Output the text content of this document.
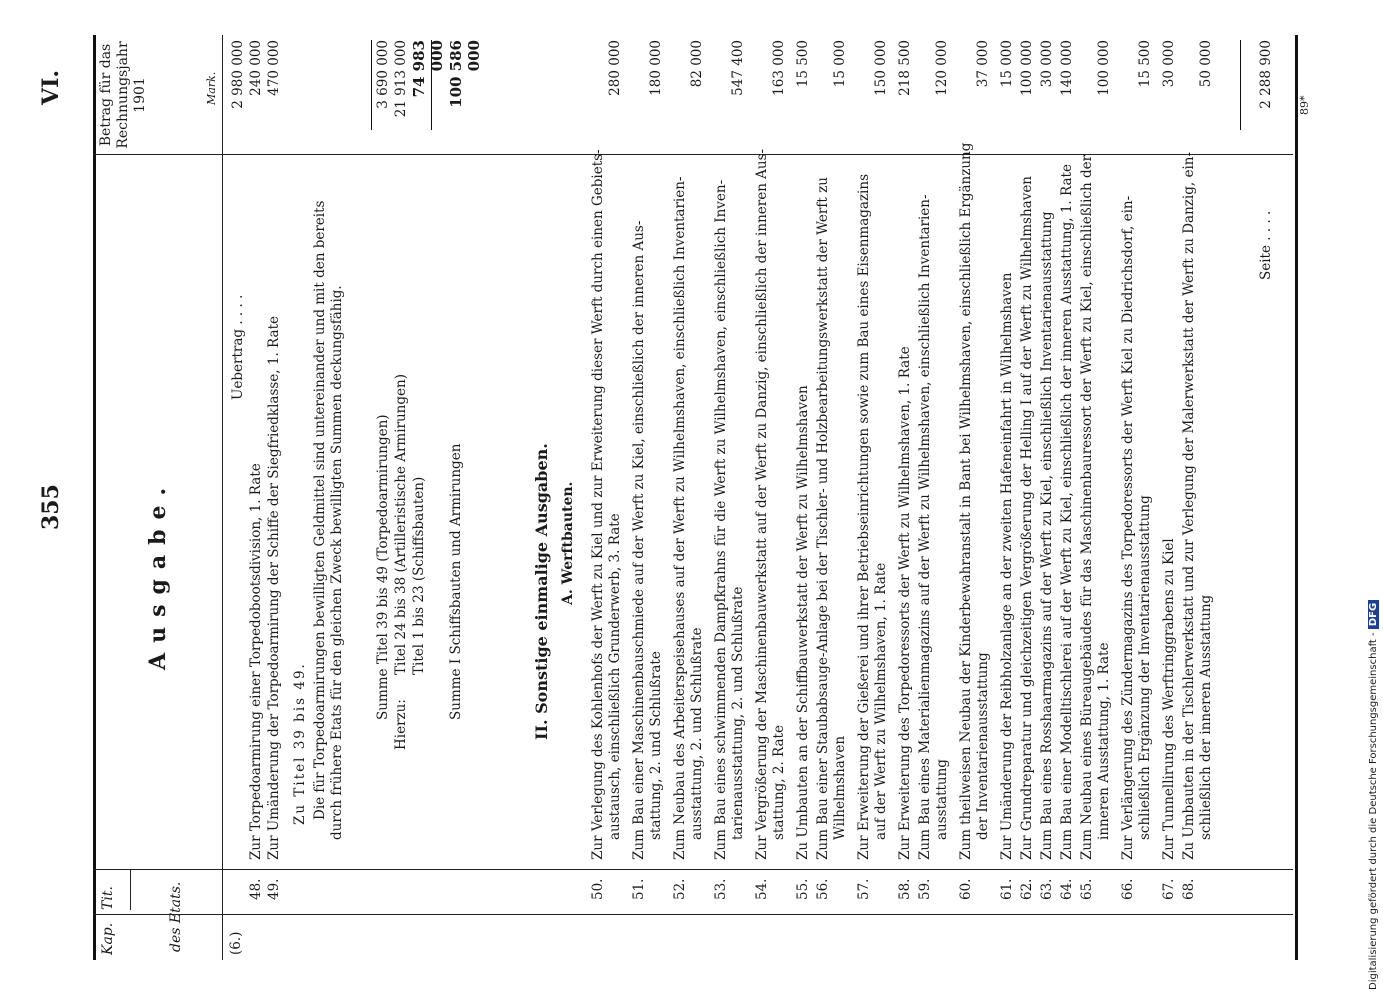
355
VI.
Kap.
Tit.	des Etats.
Betrag für das Rechnungsjahr 1901	Mark.
Ausgabe.
(6.)
Uebertrag . . . .
2 980 000
48.
Zur Torpedoarmirung einer Torpedobootsdivision, 1. Rate
240 000
49.
Zur Umänderung der Torpedoarmirung der Schiffe der Siegfriedklasse, 1. Rate
470 000
Zu Titel 39 bis 49. Die für Torpedoarmirungen bewilligten Geldmittel sind untereinander und mit den bereits durch frühere Etats für den gleichen Zweck bewilligten Summen deckungsfähig. Summe Titel 39 bis 49 (Torpedoarmirungen)
3 690 000
Hierzu:
Titel 24 bis 38 (Artilleristische Armirungen)
21 913 000
Titel 1 bis 23 (Schiffsbauten)
74 983 000
Summe I Schiffsbauten und Armirungen
100 586 000
II. Sonstige einmalige Ausgaben. A. Werftbauten.
50.
Zur Verlegung des Kohlenhofs der Werft zu Kiel und zur Erweiterung dieser Werft durch einen Gebiets- austausch, einschließlich Grunderwerb, 3. Rate
280 000
51.
Zum Bau einer Maschinenbauschmiede auf der Werft zu Kiel, einschließlich der inneren Aus- stattung, 2. und Schlußrate
180 000
52.
Zum Neubau des Arbeiterspeisehauses auf der Werft zu Wilhelmshaven, einschließlich Inventarien- ausstattung, 2. und Schlußrate
82 000
53.
Zum Bau eines schwimmenden Dampfkrahns für die Werft zu Wilhelmshaven, einschließlich Inven- tarienausstattung, 2. und Schlußrate
547 400
54.
Zur Vergrößerung der Maschinenbauwerkstatt auf der Werft zu Danzig, einschließlich der inneren Aus- stattung, 2. Rate
163 000
55.
Zu Umbauten an der Schiffbauwerkstatt der Werft zu Wilhelmshaven
15 500
56.
Zum Bau einer Staubabsauge-Anlage bei der Tischler- und Holzbearbeitungswerkstatt der Werft zu Wilhelmshaven
15 000
57.
Zur Erweiterung der Gießerei und ihrer Betriebseinrichtungen sowie zum Bau eines Eisenmagazins auf der Werft zu Wilhelmshaven, 1. Rate
150 000
58.
Zur Erweiterung des Torpedoressorts der Werft zu Wilhelmshaven, 1. Rate
218 500
59.
Zum Bau eines Materialienmagazins auf der Werft zu Wilhelmshaven, einschließlich Inventarien- ausstattung
120 000
60.
Zum theilweisen Neubau der Kinderbewahranstalt in Bant bei Wilhelmshaven, einschließlich Ergänzung der Inventarienausstattung
37 000
61.
Zur Umänderung der Reibholzanlage an der zweiten Hafeneinfahrt in Wilhelmshaven
15 000
62.
Zur Grundreparatur und gleichzeitigen Vergrößerung der Helling I auf der Werft zu Wilhelmshaven
100 000
63.
Zum Bau eines Rosshaarmagazins auf der Werft zu Kiel, einschließlich Inventarienausstattung
30 000
64.
Zum Bau einer Modelltischlerei auf der Werft zu Kiel, einschließlich der inneren Ausstattung, 1. Rate
140 000
65.
Zum Neubau eines Büreaugebäudes für das Maschinenbauressort der Werft zu Kiel, einschließlich der inneren Ausstattung, 1. Rate
100 000
66.
Zur Verlängerung des Zündermagazins des Torpedoressorts der Werft Kiel zu Diedrichsdorf, ein- schließlich Ergänzung der Inventarienausstattung
15 500
67.
Zur Tunnellirung des Werftringgrabens zu Kiel
30 000
68.
Zu Umbauten in der Tischlerwerkstatt und zur Verlegung der Malerwerkstatt der Werft zu Danzig, ein- schließlich der inneren Ausstattung
50 000
Seite . . . .
2 288 900 89*
Digitalisierung gefördert durch die Deutsche Forschungsgemeinschaft - DFG
